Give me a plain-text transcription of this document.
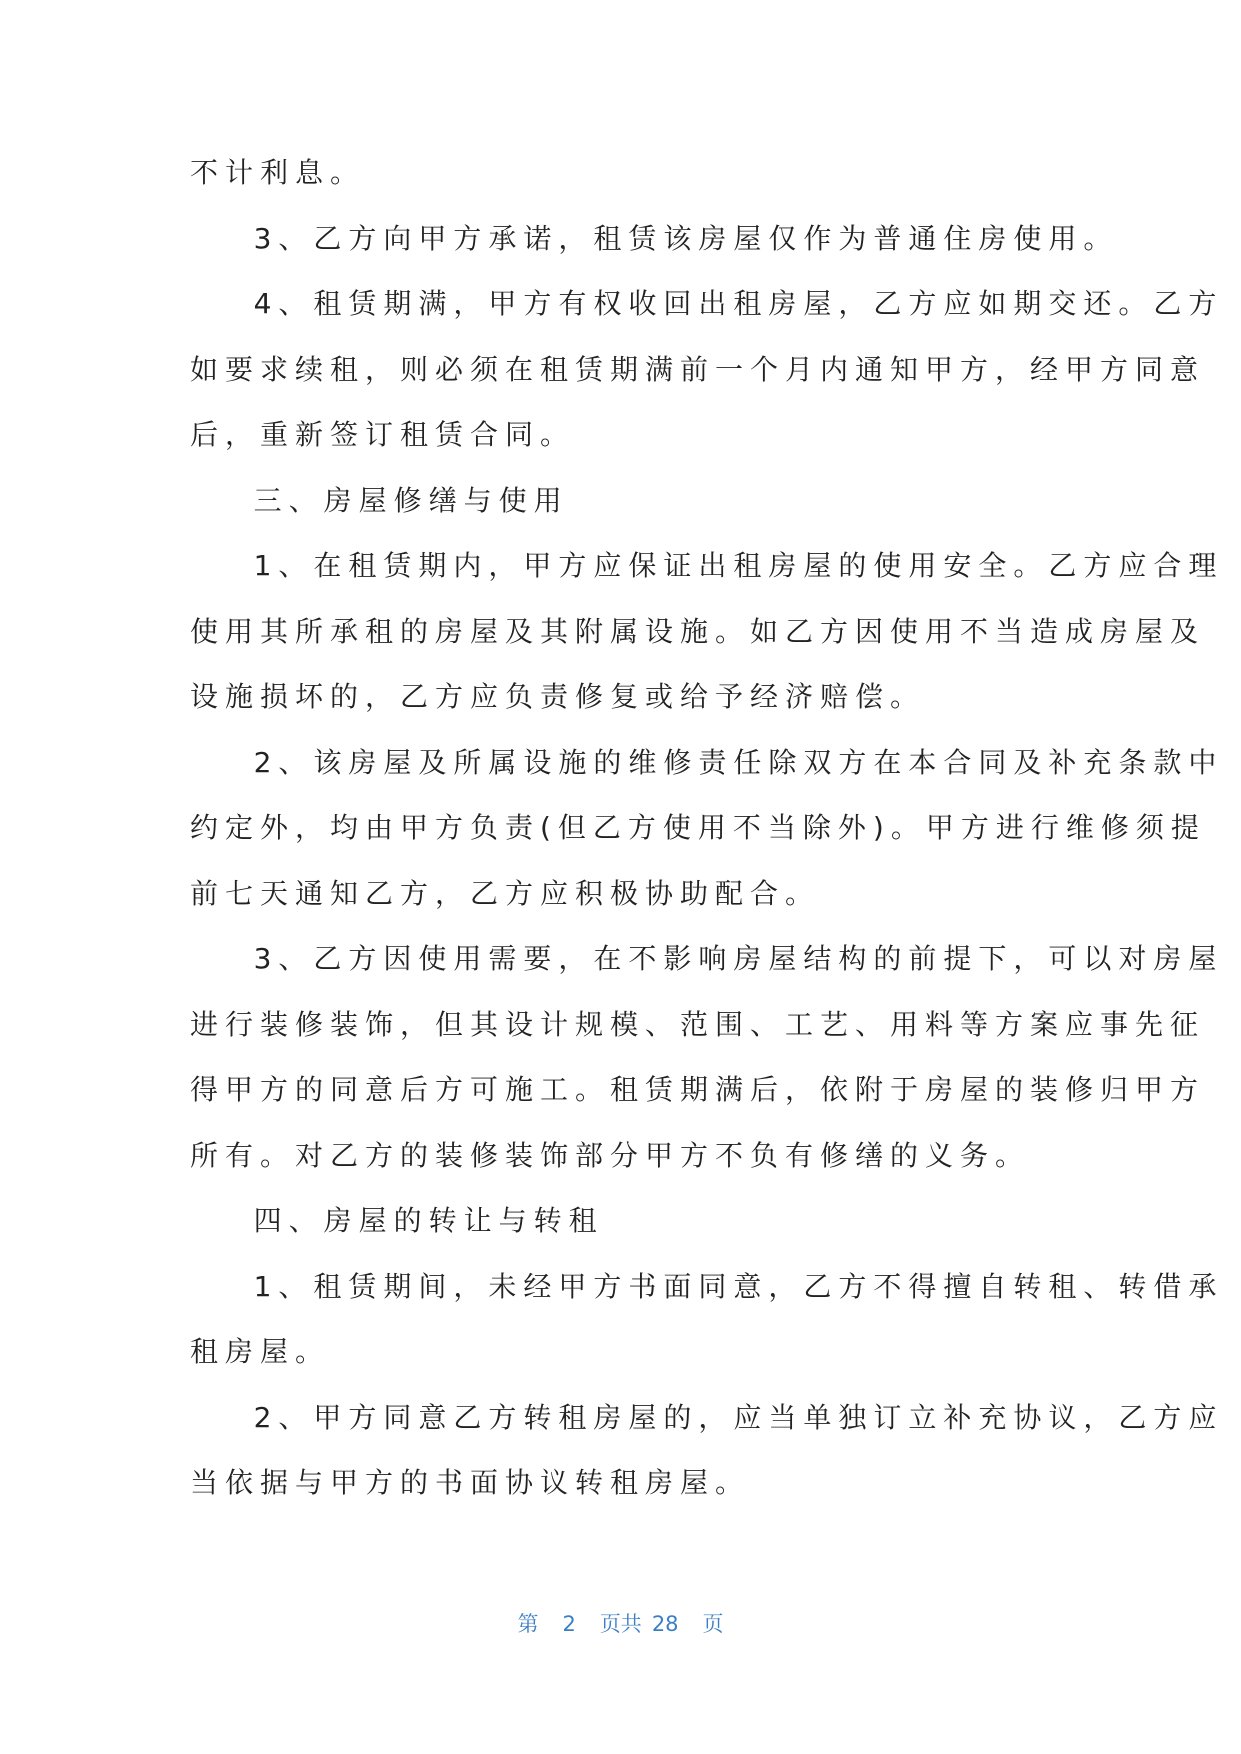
不计利息。
3、乙方向甲方承诺，租赁该房屋仅作为普通住房使用。
4、租赁期满，甲方有权收回出租房屋，乙方应如期交还。乙方
如要求续租，则必须在租赁期满前一个月内通知甲方，经甲方同意
后，重新签订租赁合同。
三、房屋修缮与使用
1、在租赁期内，甲方应保证出租房屋的使用安全。乙方应合理
使用其所承租的房屋及其附属设施。如乙方因使用不当造成房屋及
设施损坏的，乙方应负责修复或给予经济赔偿。
2、该房屋及所属设施的维修责任除双方在本合同及补充条款中
约定外，均由甲方负责(但乙方使用不当除外)。甲方进行维修须提
前七天通知乙方，乙方应积极协助配合。
3、乙方因使用需要，在不影响房屋结构的前提下，可以对房屋
进行装修装饰，但其设计规模、范围、工艺、用料等方案应事先征
得甲方的同意后方可施工。租赁期满后，依附于房屋的装修归甲方
所有。对乙方的装修装饰部分甲方不负有修缮的义务。
四、房屋的转让与转租
1、租赁期间，未经甲方书面同意，乙方不得擅自转租、转借承
租房屋。
2、甲方同意乙方转租房屋的，应当单独订立补充协议，乙方应
当依据与甲方的书面协议转租房屋。
第 2 页共 28 页
